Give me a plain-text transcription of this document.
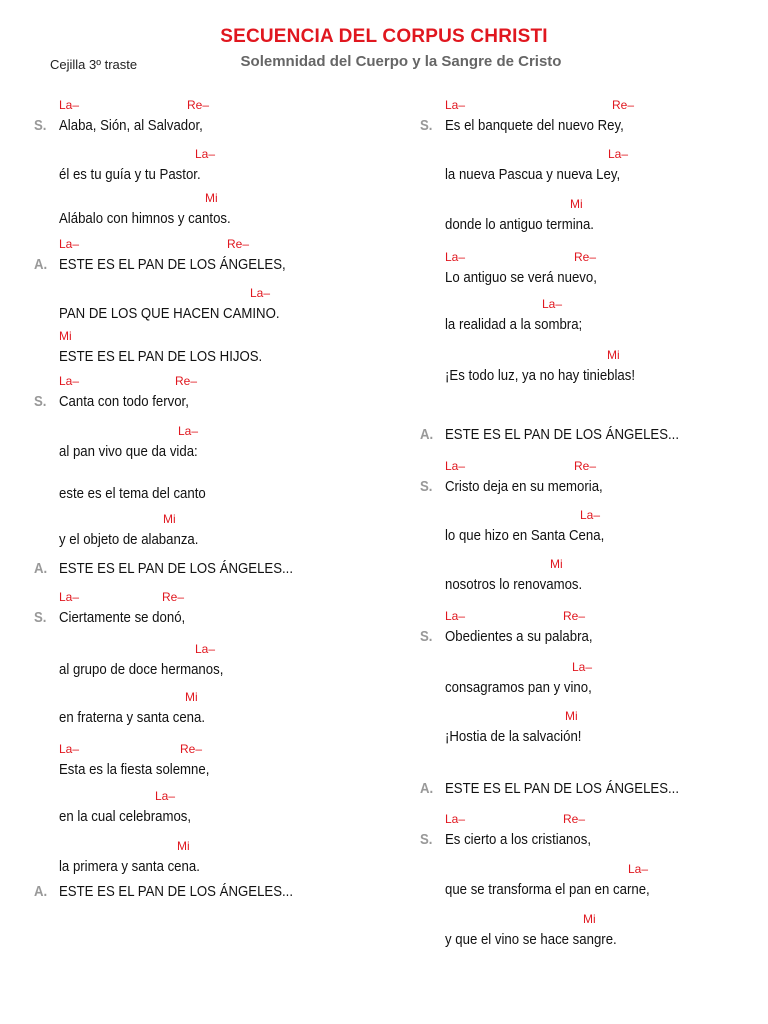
SECUENCIA DEL CORPUS CHRISTI
Cejilla 3º traste	Solemnidad del Cuerpo y la Sangre de Cristo
S. Alaba, Sión, al Salvador,
La–	Re–
él es tu guía y tu Pastor.
La–
Alábalo con himnos y cantos.
Mi
A. ESTE ES EL PAN DE LOS ÁNGELES,
La–	Re–
PAN DE LOS QUE HACEN CAMINO.
La–
ESTE ES EL PAN DE LOS HIJOS.
Mi
S. Canta con todo fervor,
La–	Re–
al pan vivo que da vida:
La–
este es el tema del canto
y el objeto de alabanza.
Mi
A. ESTE ES EL PAN DE LOS ÁNGELES...
S. Ciertamente se donó,
La–	Re–
al grupo de doce hermanos,
La–
en fraterna y santa cena.
Mi
Esta es la fiesta solemne,
La–	Re–
en la cual celebramos,
La–
la primera y santa cena.
Mi
A. ESTE ES EL PAN DE LOS ÁNGELES...
S. Es el banquete del nuevo Rey,
La–	Re–
la nueva Pascua y nueva Ley,
La–
donde lo antiguo termina.
Mi
Lo antiguo se verá nuevo,
La–	Re–
la realidad a la sombra;
La–
¡Es todo luz, ya no hay tinieblas!
Mi
A. ESTE ES EL PAN DE LOS ÁNGELES...
S. Cristo deja en su memoria,
La–	Re–
lo que hizo en Santa Cena,
La–
nosotros lo renovamos.
Mi
S. Obedientes a su palabra,
La–	Re–
consagramos pan y vino,
La–
¡Hostia de la salvación!
Mi
A. ESTE ES EL PAN DE LOS ÁNGELES...
S. Es cierto a los cristianos,
La–	Re–
que se transforma el pan en carne,
La–
y que el vino se hace sangre.
Mi
